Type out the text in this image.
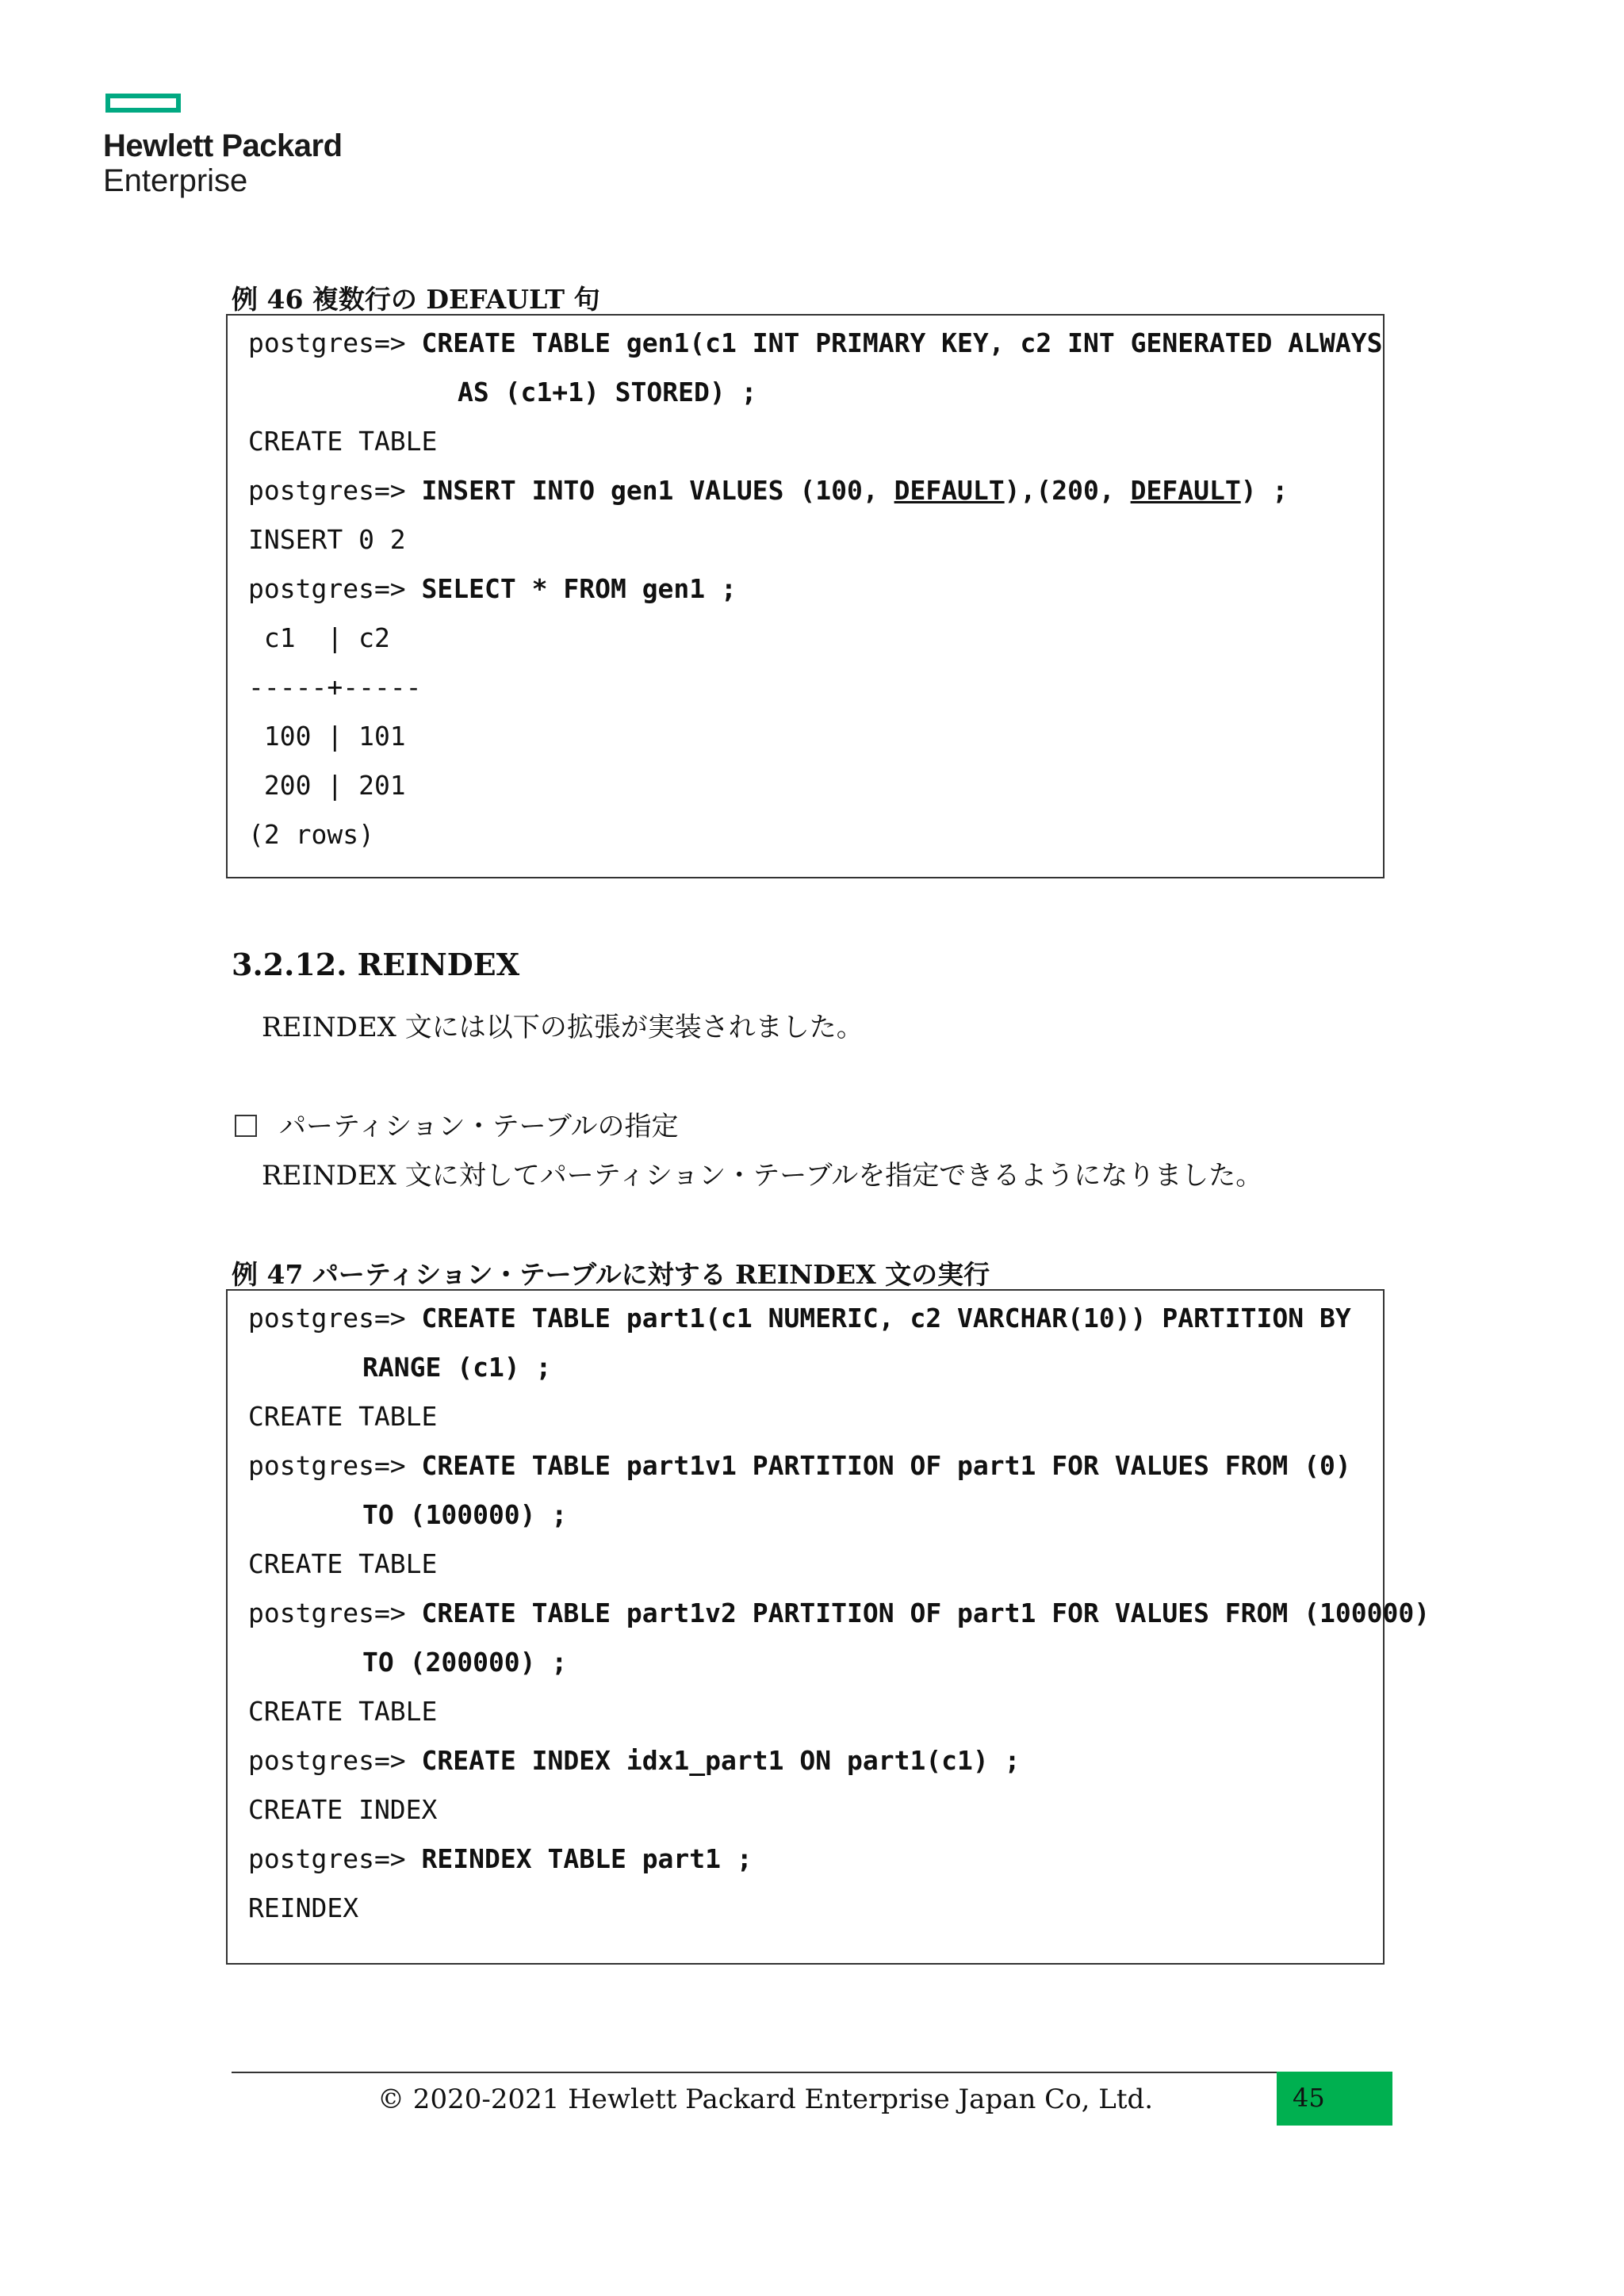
Hewlett Packard
Enterprise
例 46 複数行の DEFAULT 句
postgres=> CREATE TABLE gen1(c1 INT PRIMARY KEY, c2 INT GENERATED ALWAYS
AS (c1+1) STORED) ;
CREATE TABLE
postgres=> INSERT INTO gen1 VALUES (100, DEFAULT),(200, DEFAULT) ;
INSERT 0 2
postgres=> SELECT * FROM gen1 ;
c1  | c2
-----+-----
100 | 101
200 | 201
(2 rows)
3.2.12. REINDEX
REINDEX 文には以下の拡張が実装されました。
パーティション・テーブルの指定
REINDEX 文に対してパーティション・テーブルを指定できるようになりました。
例 47 パーティション・テーブルに対する REINDEX 文の実行
postgres=> CREATE TABLE part1(c1 NUMERIC, c2 VARCHAR(10)) PARTITION BY
RANGE (c1) ;
CREATE TABLE
postgres=> CREATE TABLE part1v1 PARTITION OF part1 FOR VALUES FROM (0)
TO (100000) ;
CREATE TABLE
postgres=> CREATE TABLE part1v2 PARTITION OF part1 FOR VALUES FROM (100000)
TO (200000) ;
CREATE TABLE
postgres=> CREATE INDEX idx1_part1 ON part1(c1) ;
CREATE INDEX
postgres=> REINDEX TABLE part1 ;
REINDEX
© 2020-2021 Hewlett Packard Enterprise Japan Co, Ltd.	45
